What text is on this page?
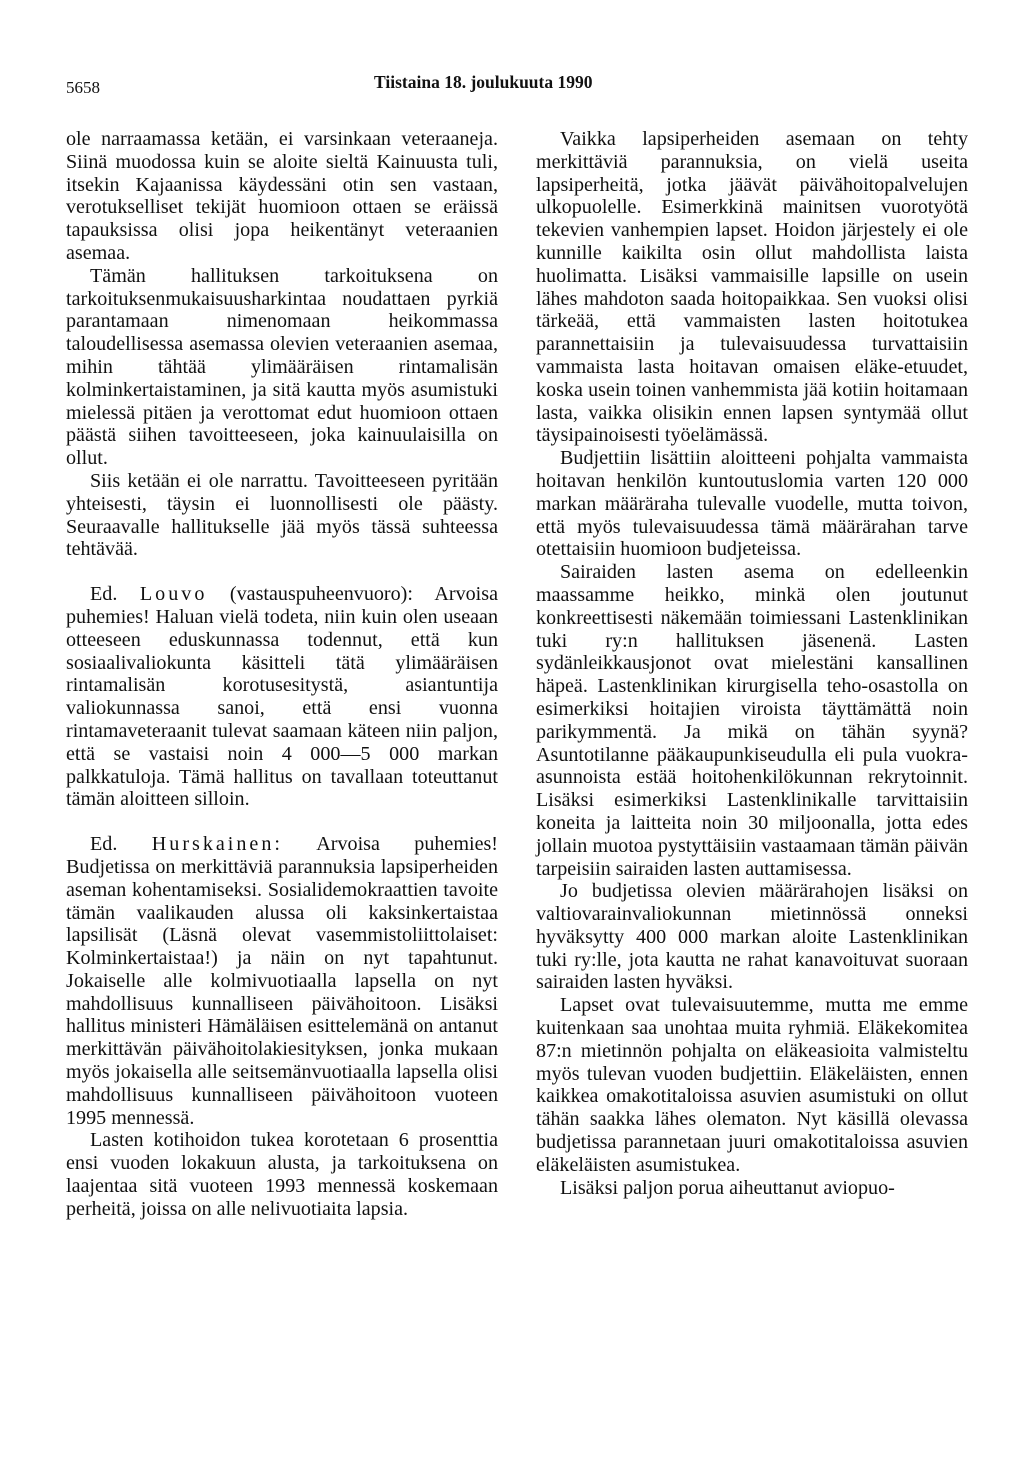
5658	Tiistaina 18. joulukuuta 1990

ole narraamassa ketään, ei varsinkaan veteraaneja. Siinä muodossa kuin se aloite sieltä Kainuusta tuli, itsekin Kajaanissa käydessäni otin sen vastaan, verotukselliset tekijät huomioon ottaen se eräissä tapauksissa olisi jopa heikentänyt veteraanien asemaa.

Tämän hallituksen tarkoituksena on tarkoituksenmukaisuusharkintaa noudattaen pyrkiä parantamaan nimenomaan heikommassa taloudellisessa asemassa olevien veteraanien asemaa, mihin tähtää ylimääräisen rintamalisän kolminkertaistaminen, ja sitä kautta myös asumistuki mielessä pitäen ja verottomat edut huomioon ottaen päästä siihen tavoitteeseen, joka kainuulaisilla on ollut.

Siis ketään ei ole narrattu. Tavoitteeseen pyritään yhteisesti, täysin ei luonnollisesti ole päästy. Seuraavalle hallitukselle jää myös tässä suhteessa tehtävää.

Ed. Louvo (vastauspuheenvuoro): Arvoisa puhemies! Haluan vielä todeta, niin kuin olen useaan otteeseen eduskunnassa todennut, että kun sosiaalivaliokunta käsitteli tätä ylimääräisen rintamalisän korotusesitystä, asiantuntija valiokunnassa sanoi, että ensi vuonna rintamaveteraanit tulevat saamaan käteen niin paljon, että se vastaisi noin 4 000—5 000 markan palkkatuloja. Tämä hallitus on tavallaan toteuttanut tämän aloitteen silloin.

Ed. Hurskainen: Arvoisa puhemies! Budjetissa on merkittäviä parannuksia lapsiperheiden aseman kohentamiseksi. Sosialidemokraattien tavoite tämän vaalikauden alussa oli kaksinkertaistaa lapsilisät (Läsnä olevat vasemmistoliittolaiset: Kolminkertaistaa!) ja näin on nyt tapahtunut. Jokaiselle alle kolmivuotiaalla lapsella on nyt mahdollisuus kunnalliseen päivähoitoon. Lisäksi hallitus ministeri Hämäläisen esittelemänä on antanut merkittävän päivähoitolakiesityksen, jonka mukaan myös jokaisella alle seitsemänvuotiaalla lapsella olisi mahdollisuus kunnalliseen päivähoitoon vuoteen 1995 mennessä.

Lasten kotihoidon tukea korotetaan 6 prosenttia ensi vuoden lokakuun alusta, ja tarkoituksena on laajentaa sitä vuoteen 1993 mennessä koskemaan perheitä, joissa on alle nelivuotiaita lapsia.

Vaikka lapsiperheiden asemaan on tehty merkittäviä parannuksia, on vielä useita lapsiperheitä, jotka jäävät päivähoitopalvelujen ulkopuolelle. Esimerkkinä mainitsen vuorotyötä tekevien vanhempien lapset. Hoidon järjestely ei ole kunnille kaikilta osin ollut mahdollista laista huolimatta. Lisäksi vammaisille lapsille on usein lähes mahdoton saada hoitopaikkaa. Sen vuoksi olisi tärkeää, että vammaisten lasten hoitotukea parannettaisiin ja tulevaisuudessa turvattaisiin vammaista lasta hoitavan omaisen eläke-etuudet, koska usein toinen vanhemmista jää kotiin hoitamaan lasta, vaikka olisikin ennen lapsen syntymää ollut täysipainoisesti työelämässä.

Budjettiin lisättiin aloitteeni pohjalta vammaista hoitavan henkilön kuntoutuslomia varten 120 000 markan määräraha tulevalle vuodelle, mutta toivon, että myös tulevaisuudessa tämä määrärahan tarve otettaisiin huomioon budjeteissa.

Sairaiden lasten asema on edelleenkin maassamme heikko, minkä olen joutunut konkreettisesti näkemään toimiessani Lastenklinikan tuki ry:n hallituksen jäsenenä. Lasten sydänleikkausjonot ovat mielestäni kansallinen häpeä. Lastenklinikan kirurgisella teho-osastolla on esimerkiksi hoitajien viroista täyttämättä noin parikymmentä. Ja mikä on tähän syynä? Asuntotilanne pääkaupunkiseudulla eli pula vuokra-asunnoista estää hoitohenkilökunnan rekrytoinnit. Lisäksi esimerkiksi Lastenklinikalle tarvittaisiin koneita ja laitteita noin 30 miljoonalla, jotta edes jollain muotoa pystyttäisiin vastaamaan tämän päivän tarpeisiin sairaiden lasten auttamisessa.

Jo budjetissa olevien määrärahojen lisäksi on valtiovarainvaliokunnan mietinnössä onneksi hyväksytty 400 000 markan aloite Lastenklinikan tuki ry:lle, jota kautta ne rahat kanavoituvat suoraan sairaiden lasten hyväksi.

Lapset ovat tulevaisuutemme, mutta me emme kuitenkaan saa unohtaa muita ryhmiä. Eläkekomitea 87:n mietinnön pohjalta on eläkeasioita valmisteltu myös tulevan vuoden budjettiin. Eläkeläisten, ennen kaikkea omakotitaloissa asuvien asumistuki on ollut tähän saakka lähes olematon. Nyt käsillä olevassa budjetissa parannetaan juuri omakotitaloissa asuvien eläkeläisten asumistukea.

Lisäksi paljon porua aiheuttanut aviopuo-
